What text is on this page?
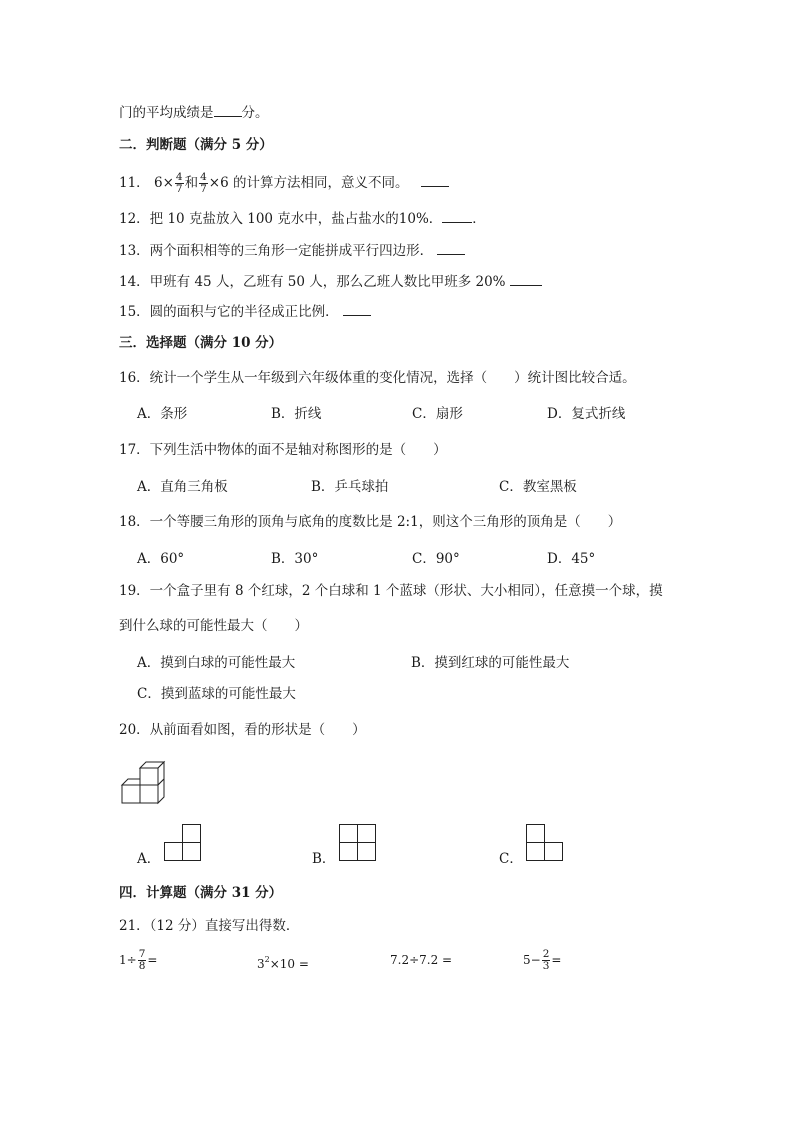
门的平均成绩是 分。
二．判断题（满分 5 分）
11． $6\times \frac{4}{7}$ 和 $\frac{4}{7} \times 6$ 的计算方法相同，意义不同。
12．把 10 克盐放入 100 克水中，盐占盐水的10%． ．
13．两个面积相等的三角形一定能拼成平行四边形．
14．甲班有 45 人，乙班有 50 人，那么乙班人数比甲班多 20%
15．圆的面积与它的半径成正比例．
三．选择题（满分 10 分）
16．统计一个学生从一年级到六年级体重的变化情况，选择（　　）统计图比较合适。
A．条形	B．折线	C．扇形	D．复式折线
17．下列生活中物体的面不是轴对称图形的是（　　）
A．直角三角板	B．乒乓球拍	C．教室黑板
18．一个等腰三角形的顶角与底角的度数比是 2:1，则这个三角形的顶角是（　　）
A．60°	B．30°	C．90°	D．45°
19．一个盒子里有 8 个红球，2 个白球和 1 个蓝球（形状、大小相同），任意摸一个球，摸
到什么球的可能性最大（　　）
A．摸到白球的可能性最大	B．摸到红球的可能性最大
C．摸到蓝球的可能性最大
20．从前面看如图，看的形状是（　　）
A．	B．	C．
四．计算题（满分 31 分）
21．（12 分）直接写出得数．
$1\div \frac{7}{8}$ =	$3^2\times 10$ =	7.2÷7.2 =	$5- \frac{2}{3}$ =
